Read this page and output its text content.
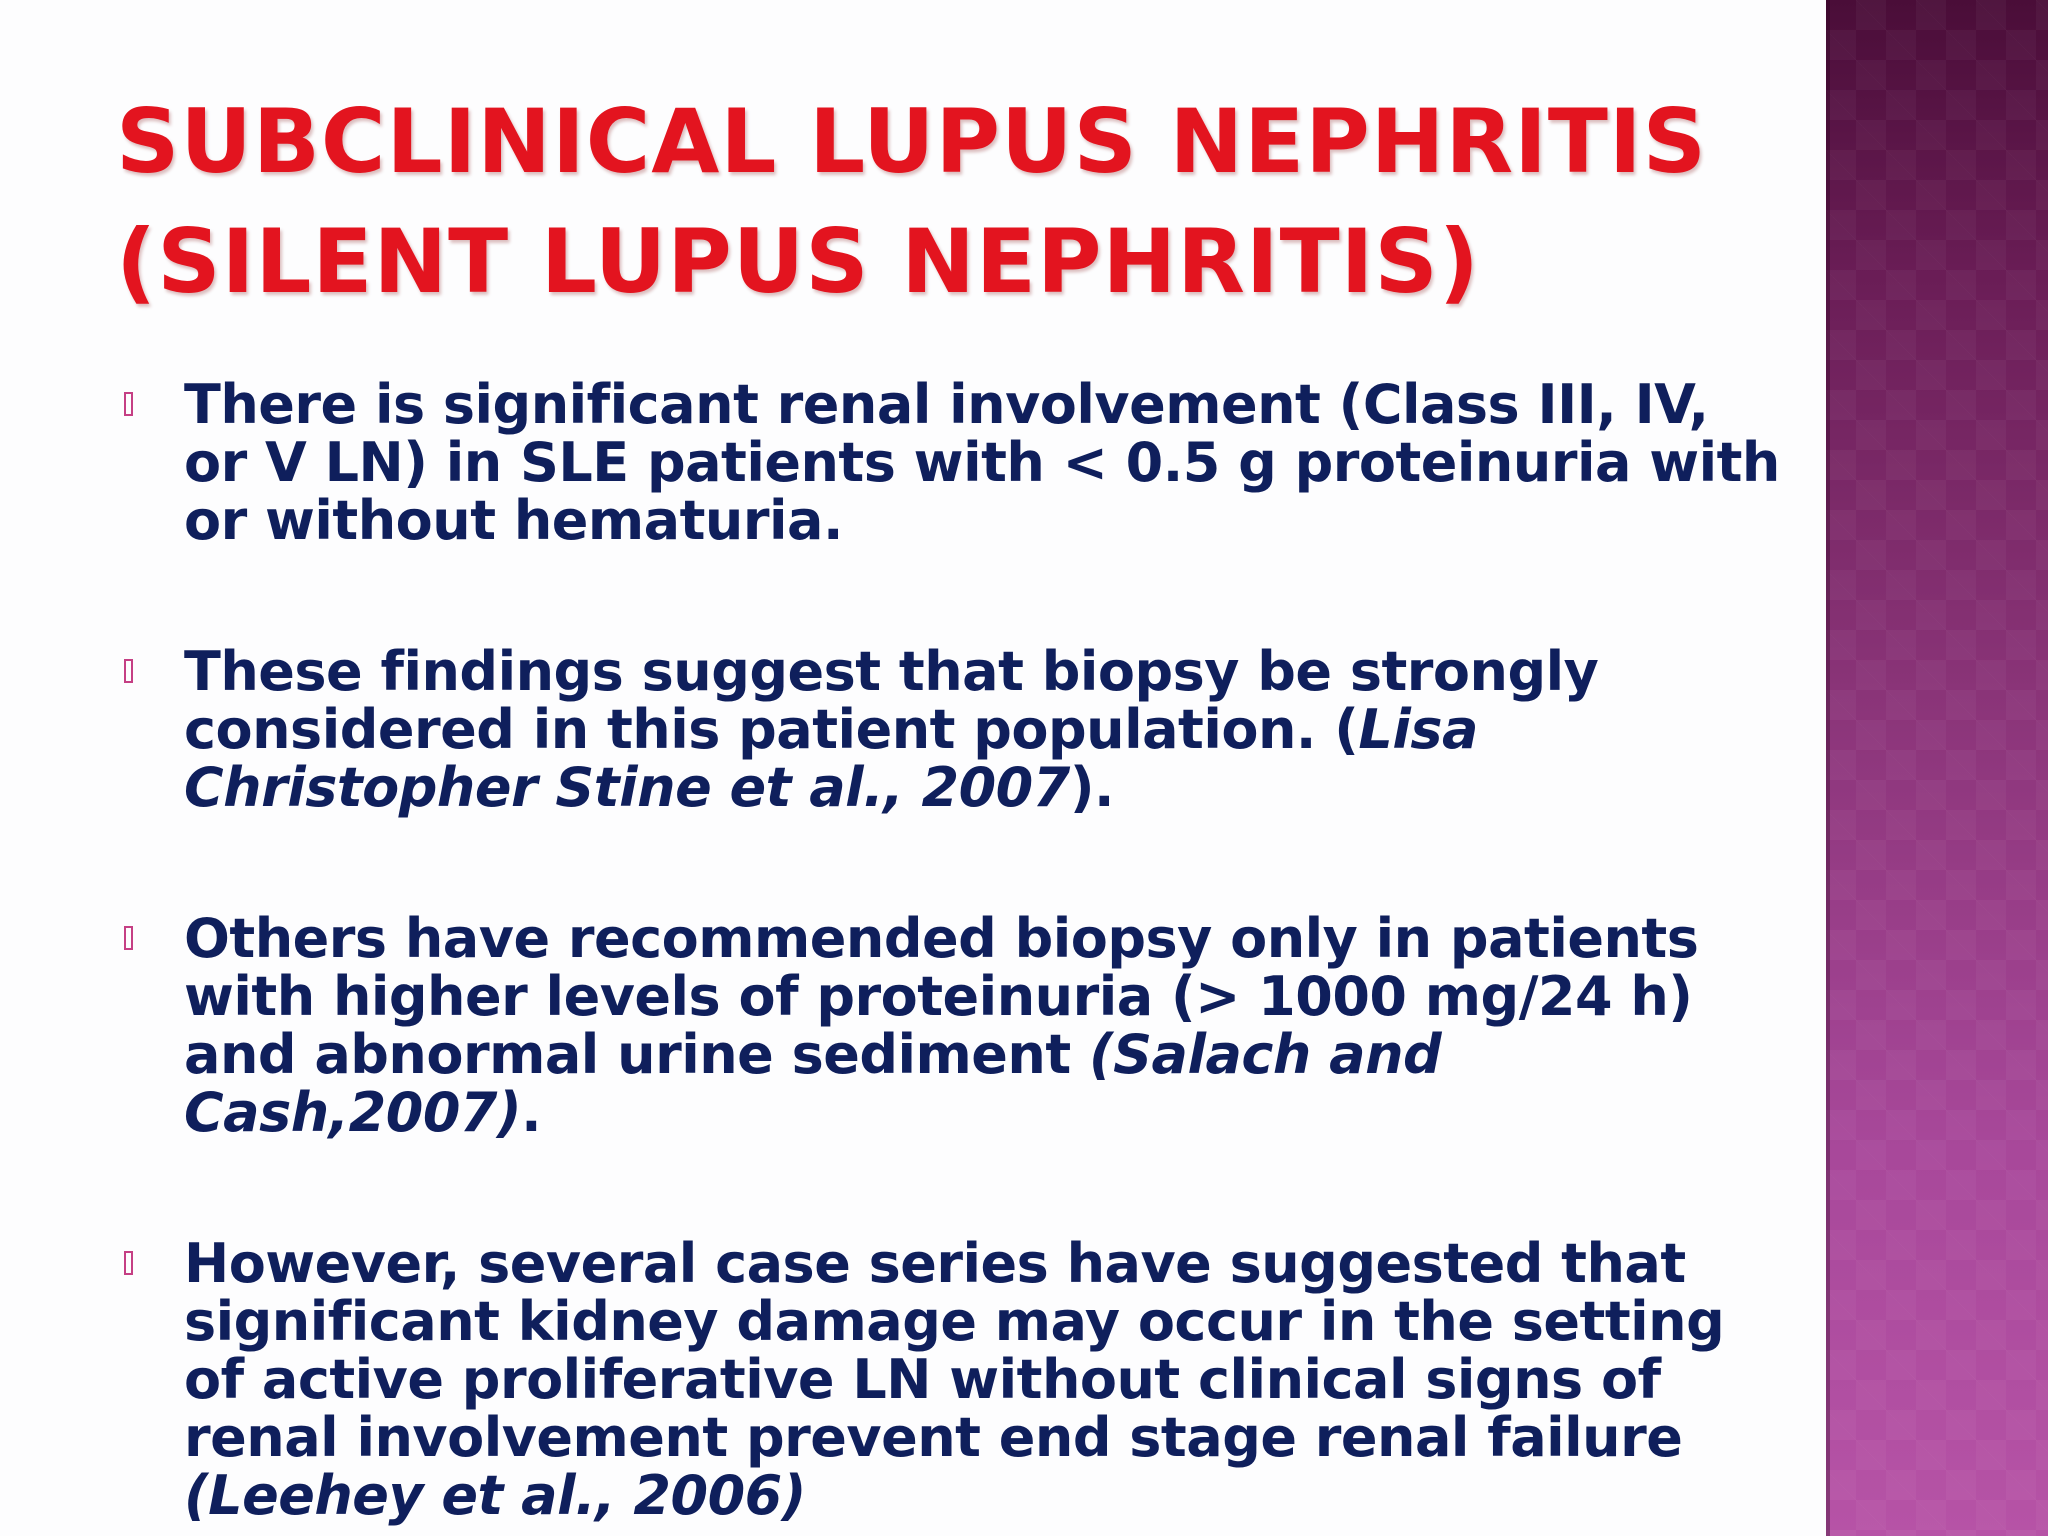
SUBCLINICAL LUPUS NEPHRITIS
(SILENT LUPUS NEPHRITIS)
There is significant renal involvement (Class III, IV, or V LN) in SLE patients with < 0.5 g proteinuria with or without hematuria.
These findings suggest that biopsy be strongly considered in this patient population. (Lisa Christopher Stine et al., 2007).
Others have recommended biopsy only in patients with higher levels of proteinuria (> 1000 mg/24 h) and abnormal urine sediment (Salach and Cash,2007).
However, several case series have suggested that significant kidney damage may occur in the setting of active proliferative LN without clinical signs of renal involvement prevent end stage renal failure (Leehey et al., 2006)
